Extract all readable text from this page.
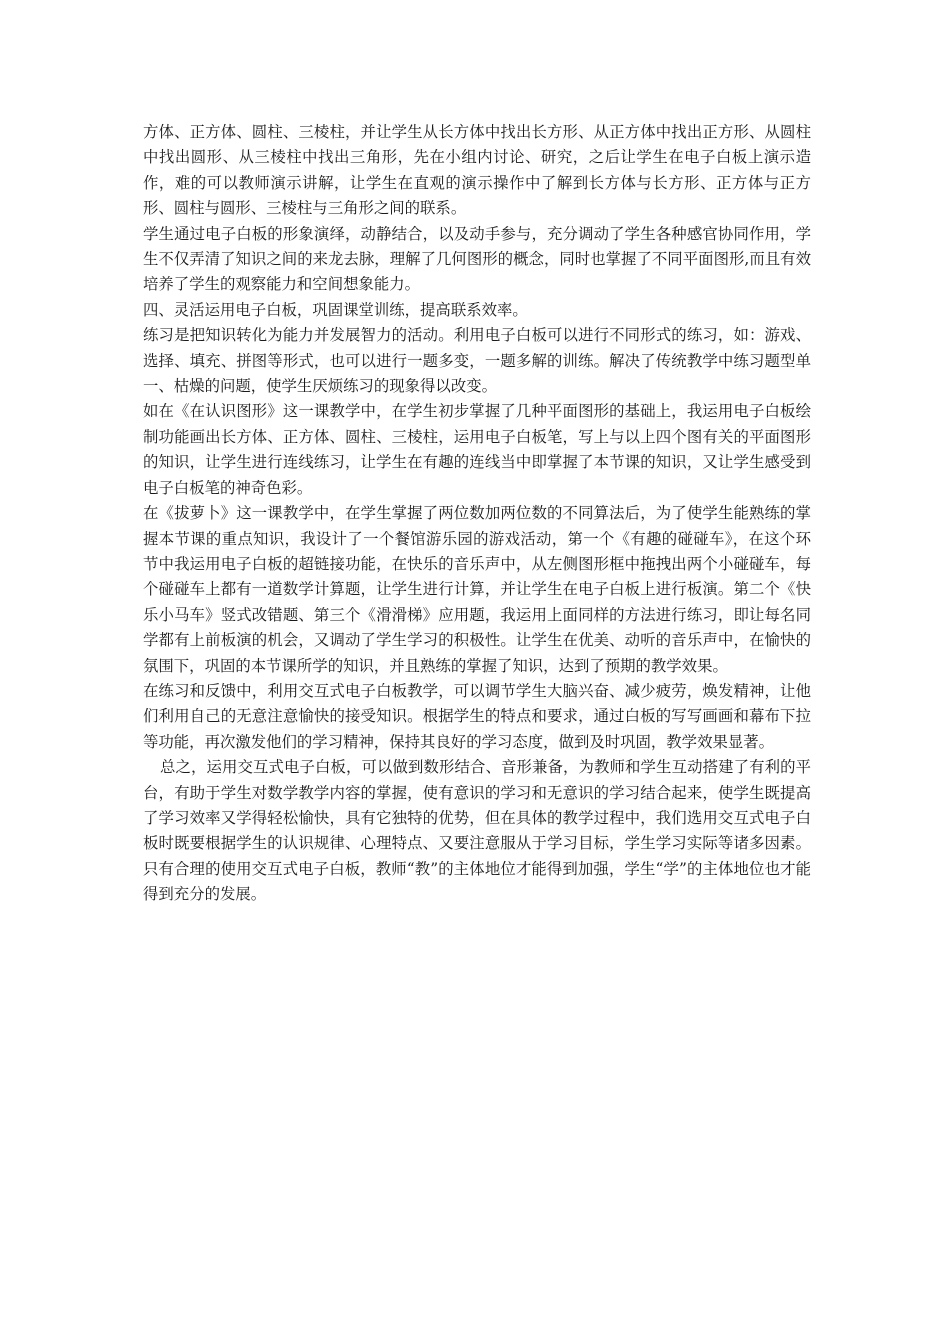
方体、正方体、圆柱、三棱柱，并让学生从长方体中找出长方形、从正方体中找出正方形、从圆柱中找出圆形、从三棱柱中找出三角形，先在小组内讨论、研究，之后让学生在电子白板上演示造作，难的可以教师演示讲解，让学生在直观的演示操作中了解到长方体与长方形、正方体与正方形、圆柱与圆形、三棱柱与三角形之间的联系。

学生通过电子白板的形象演绎，动静结合，以及动手参与，充分调动了学生各种感官协同作用，学生不仅弄清了知识之间的来龙去脉，理解了几何图形的概念，同时也掌握了不同平面图形,而且有效培养了学生的观察能力和空间想象能力。

四、灵活运用电子白板，巩固课堂训练，提高联系效率。

练习是把知识转化为能力并发展智力的活动。利用电子白板可以进行不同形式的练习，如：游戏、选择、填充、拼图等形式，也可以进行一题多变，一题多解的训练。解决了传统教学中练习题型单一、枯燥的问题，使学生厌烦练习的现象得以改变。

如在《在认识图形》这一课教学中，在学生初步掌握了几种平面图形的基础上，我运用电子白板绘制功能画出长方体、正方体、圆柱、三棱柱，运用电子白板笔，写上与以上四个图有关的平面图形的知识，让学生进行连线练习，让学生在有趣的连线当中即掌握了本节课的知识，又让学生感受到电子白板笔的神奇色彩。

在《拔萝卜》这一课教学中，在学生掌握了两位数加两位数的不同算法后，为了使学生能熟练的掌握本节课的重点知识，我设计了一个餐馆游乐园的游戏活动，第一个《有趣的碰碰车》，在这个环节中我运用电子白板的超链接功能，在快乐的音乐声中，从左侧图形框中拖拽出两个小碰碰车，每个碰碰车上都有一道数学计算题，让学生进行计算，并让学生在电子白板上进行板演。第二个《快乐小马车》竖式改错题、第三个《滑滑梯》应用题，我运用上面同样的方法进行练习，即让每名同学都有上前板演的机会，又调动了学生学习的积极性。让学生在优美、动听的音乐声中，在愉快的氛围下，巩固的本节课所学的知识，并且熟练的掌握了知识，达到了预期的教学效果。

在练习和反馈中，利用交互式电子白板教学，可以调节学生大脑兴奋、减少疲劳，焕发精神，让他们利用自己的无意注意愉快的接受知识。根据学生的特点和要求，通过白板的写写画画和幕布下拉等功能，再次激发他们的学习精神，保持其良好的学习态度，做到及时巩固，教学效果显著。

总之，运用交互式电子白板，可以做到数形结合、音形兼备，为教师和学生互动搭建了有利的平台，有助于学生对数学教学内容的掌握，使有意识的学习和无意识的学习结合起来，使学生既提高了学习效率又学得轻松愉快，具有它独特的优势，但在具体的教学过程中，我们选用交互式电子白板时既要根据学生的认识规律、心理特点、又要注意服从于学习目标，学生学习实际等诸多因素。只有合理的使用交互式电子白板，教师“教”的主体地位才能得到加强，学生“学”的主体地位也才能得到充分的发展。
